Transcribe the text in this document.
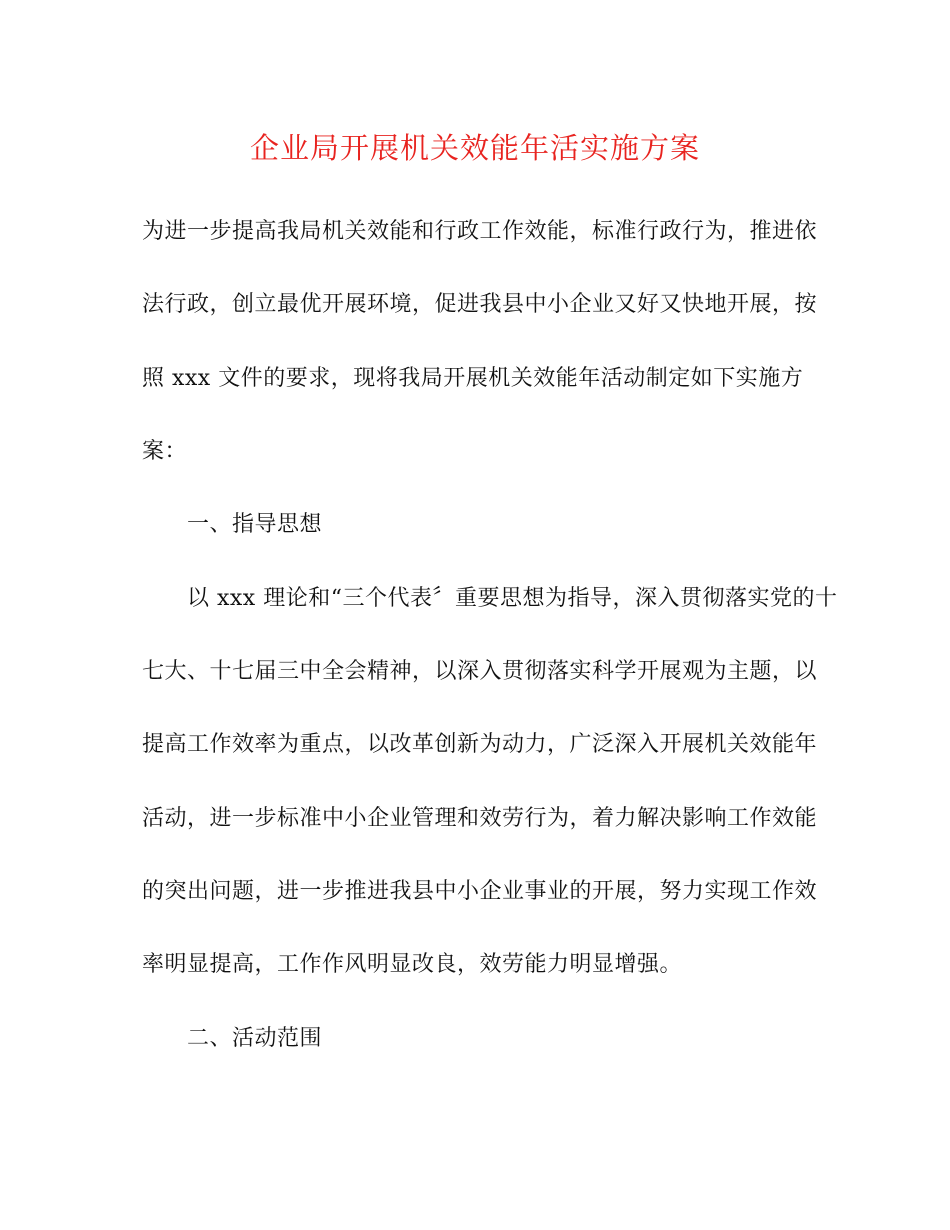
企业局开展机关效能年活实施方案
为进一步提高我局机关效能和行政工作效能，标准行政行为，推进依
法行政，创立最优开展环境，促进我县中小企业又好又快地开展，按
照 xxx 文件的要求，现将我局开展机关效能年活动制定如下实施方
案：
一、指导思想
以 xxx 理论和“三个代表〞重要思想为指导，深入贯彻落实党的十
七大、十七届三中全会精神，以深入贯彻落实科学开展观为主题，以
提高工作效率为重点，以改革创新为动力，广泛深入开展机关效能年
活动，进一步标准中小企业管理和效劳行为，着力解决影响工作效能
的突出问题，进一步推进我县中小企业事业的开展，努力实现工作效
率明显提高，工作作风明显改良，效劳能力明显增强。
二、活动范围
